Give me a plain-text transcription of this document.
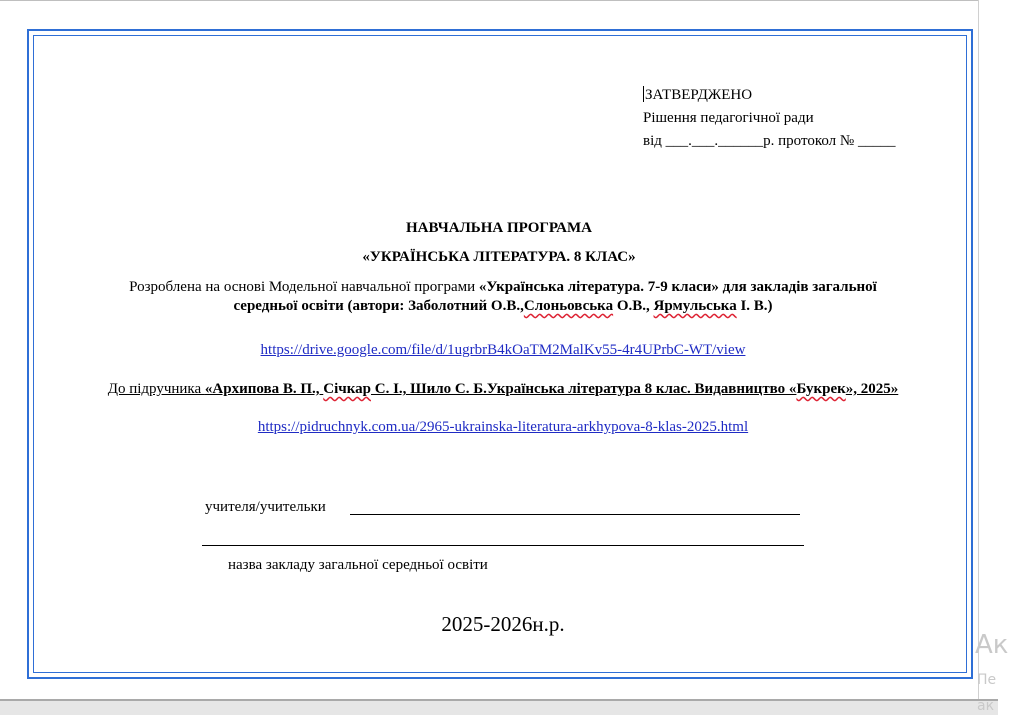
ЗАТВЕРДЖЕНО
Рішення педагогічної ради
від ___.___.______р. протокол № _____
НАВЧАЛЬНА ПРОГРАМА
«УКРАЇНСЬКА ЛІТЕРАТУРА. 8 КЛАС»
Розроблена на основі Модельної навчальної програми «Українська література. 7-9 класи» для закладів загальної
середньої освіти (автори: Заболотний О.В.,Слоньовська О.В., Ярмульська І. В.)
https://drive.google.com/file/d/1ugrbrB4kOaTM2MalKv55-4r4UPrbC-WT/view
До підручника «Архипова В. П., Січкар С. І., Шило С. Б.Українська література 8 клас. Видавництво «Букрек», 2025»
https://pidruchnyk.com.ua/2965-ukrainska-literatura-arkhypova-8-klas-2025.html
учителя/учительки
назва закладу загальної середньої освіти
2025-2026н.р.
Ак
Пе
ак
